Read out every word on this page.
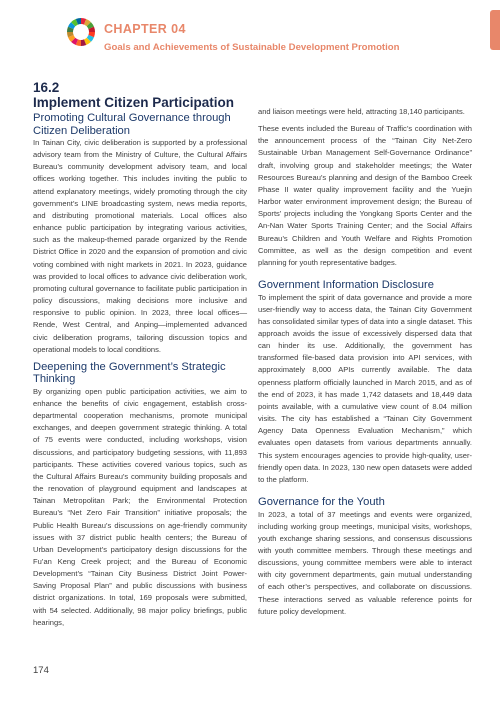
CHAPTER 04
Goals and Achievements of Sustainable Development Promotion
16.2
Implement Citizen Participation
Promoting Cultural Governance through Citizen Deliberation

In Tainan City, civic deliberation is supported by a professional advisory team from the Ministry of Culture, the Cultural Affairs Bureau’s community development advisory team, and local offices working together. This includes inviting the public to attend explanatory meetings, widely promoting through the city government’s LINE broadcasting system, news media reports, and distributing promotional materials. Local offices also enhance public participation by integrating various activities, such as the makeup-themed parade organized by the Rende District Office in 2020 and the expansion of promotion and civic voting combined with night markets in 2021. In 2023, guidance was provided to local offices to advance civic deliberation work, promoting cultural governance to facilitate public participation in policy discussions, making decisions more inclusive and responsive to public opinion. In 2023, three local offices—Rende, West Central, and Anping—implemented advanced civic deliberation programs, tailoring discussion topics and operational models to local conditions.

Deepening the Government’s Strategic Thinking

By organizing open public participation activities, we aim to enhance the benefits of civic engagement, establish cross-departmental cooperation mechanisms, promote municipal exchanges, and deepen government strategic thinking. A total of 75 events were conducted, including workshops, vision discussions, and participatory budgeting sessions, with 11,893 participants. These activities covered various topics, such as the Cultural Affairs Bureau’s community building proposals and the renovation of playground equipment and landscapes at Tainan Metropolitan Park; the Environmental Protection Bureau’s “Net Zero Fair Transition” initiative proposals; the Public Health Bureau’s discussions on age-friendly community issues with 37 district public health centers; the Bureau of Urban Development’s participatory design discussions for the Fu’an Keng Creek project; and the Bureau of Economic Development’s “Tainan City Business District Joint Power-Saving Proposal Plan” and public discussions with business district organizations. In total, 169 proposals were submitted, with 54 selected. Additionally, 98 major policy briefings, public hearings,

and liaison meetings were held, attracting 18,140 participants.

These events included the Bureau of Traffic’s coordination with the announcement process of the “Tainan City Net-Zero Sustainable Urban Management Self-Governance Ordinance” draft, involving group and stakeholder meetings; the Water Resources Bureau’s planning and design of the Bamboo Creek Phase II water quality improvement facility and the Yuejin Harbor water environment improvement design; the Bureau of Sports’ projects including the Yongkang Sports Center and the An-Nan Water Sports Training Center; and the Social Affairs Bureau’s Children and Youth Welfare and Rights Promotion Committee, as well as the design competition and event planning for youth representative badges.

Government Information Disclosure

To implement the spirit of data governance and provide a more user-friendly way to access data, the Tainan City Government has consolidated similar types of data into a single dataset. This approach avoids the issue of excessively dispersed data that can hinder its use. Additionally, the government has transformed file-based data provision into API services, with approximately 8,000 APIs currently available. The data openness platform officially launched in March 2015, and as of the end of 2023, it has made 1,742 datasets and 18,449 data points available, with a cumulative view count of 8.04 million visits. The city has established a “Tainan City Government Agency Data Openness Evaluation Mechanism,” which evaluates open datasets from various departments annually. This system encourages agencies to provide high-quality, user-friendly open data. In 2023, 130 new open datasets were added to the platform.

Governance for the Youth

In 2023, a total of 37 meetings and events were organized, including working group meetings, municipal visits, workshops, youth exchange sharing sessions, and consensus discussions with youth committee members. Through these meetings and discussions, young committee members were able to interact with city government departments, gain mutual understanding of each other’s perspectives, and collaborate on discussions. These interactions served as valuable reference points for future policy development.

174
